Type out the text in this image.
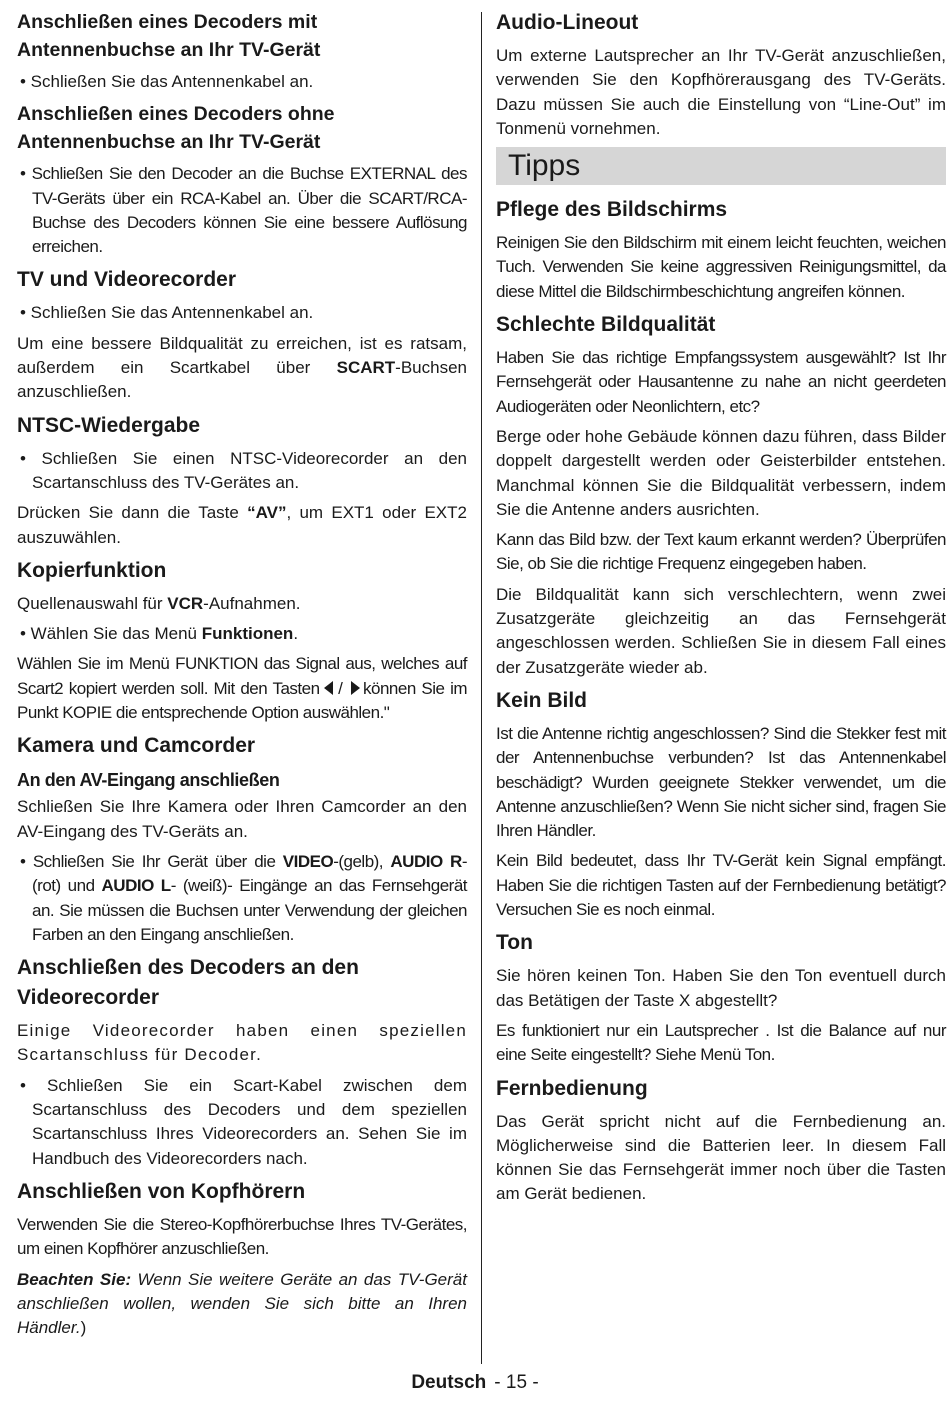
Anschließen eines Decoders mit Antennenbuchse an Ihr TV-Gerät

• Schließen Sie das Antennenkabel an.

Anschließen eines Decoders ohne Antennenbuchse an Ihr TV-Gerät

• Schließen Sie den Decoder an die Buchse EXTERNAL des TV-Geräts über ein RCA-Kabel an. Über die SCART/RCA-Buchse des Decoders können Sie eine bessere Auflösung erreichen.

TV und Videorecorder

• Schließen Sie das Antennenkabel an.

Um eine bessere Bildqualität zu erreichen, ist es ratsam, außerdem ein Scartkabel über SCART-Buchsen anzuschließen.

NTSC-Wiedergabe

• Schließen Sie einen NTSC-Videorecorder an den Scartanschluss des TV-Gerätes an.

Drücken Sie dann die Taste “AV”, um EXT1 oder EXT2 auszuwählen.

Kopierfunktion

Quellenauswahl für VCR-Aufnahmen.

• Wählen Sie das Menü Funktionen.

Wählen Sie im Menü FUNKTION das Signal aus, welches auf Scart2 kopiert werden soll. Mit den Tasten / können Sie im Punkt KOPIE die entsprechende Option auswählen."

Kamera und Camcorder
An den AV-Eingang anschließen

Schließen Sie Ihre Kamera oder Ihren Camcorder an den AV-Eingang des TV-Geräts an.

• Schließen Sie Ihr Gerät über die VIDEO-(gelb), AUDIO R-(rot) und AUDIO L- (weiß)- Eingänge an das Fernsehgerät an. Sie müssen die Buchsen unter Verwendung der gleichen Farben an den Eingang anschließen.

Anschließen des Decoders an den Videorecorder

Einige Videorecorder haben einen speziellen Scartanschluss für Decoder.

• Schließen Sie ein Scart-Kabel zwischen dem Scartanschluss des Decoders und dem speziellen Scartanschluss Ihres Videorecorders an. Sehen Sie im Handbuch des Videorecorders nach.

Anschließen von Kopfhörern

Verwenden Sie die Stereo-Kopfhörerbuchse Ihres TV-Gerätes, um einen Kopfhörer anzuschließen.

Beachten Sie: Wenn Sie weitere Geräte an das TV-Gerät anschließen wollen, wenden Sie sich bitte an Ihren Händler.)

Audio-Lineout

Um externe Lautsprecher an Ihr TV-Gerät anzuschließen, verwenden Sie den Kopfhörerausgang des TV-Geräts. Dazu müssen Sie auch die Einstellung von “Line-Out” im Tonmenü vornehmen.

Tipps
Pflege des Bildschirms

Reinigen Sie den Bildschirm mit einem leicht feuchten, weichen Tuch. Verwenden Sie keine aggressiven Reinigungsmittel, da diese Mittel die Bildschirmbeschichtung angreifen können.

Schlechte Bildqualität

Haben Sie das richtige Empfangssystem ausgewählt? Ist Ihr Fernsehgerät oder Hausantenne zu nahe an nicht geerdeten Audiogeräten oder Neonlichtern, etc?

Berge oder hohe Gebäude können dazu führen, dass Bilder doppelt dargestellt werden oder Geisterbilder entstehen. Manchmal können Sie die Bildqualität verbessern, indem Sie die Antenne anders ausrichten.

Kann das Bild bzw. der Text kaum erkannt werden? Überprüfen Sie, ob Sie die richtige Frequenz eingegeben haben.

Die Bildqualität kann sich verschlechtern, wenn zwei Zusatzgeräte gleichzeitig an das Fernsehgerät angeschlossen werden. Schließen Sie in diesem Fall eines der Zusatzgeräte wieder ab.

Kein Bild

Ist die Antenne richtig angeschlossen? Sind die Stekker fest mit der Antennenbuchse verbunden? Ist das Antennenkabel beschädigt? Wurden geeignete Stekker verwendet, um die Antenne anzuschließen? Wenn Sie nicht sicher sind, fragen Sie Ihren Händler.

Kein Bild bedeutet, dass Ihr TV-Gerät kein Signal empfängt. Haben Sie die richtigen Tasten auf der Fernbedienung betätigt? Versuchen Sie es noch einmal.

Ton

Sie hören keinen Ton. Haben Sie den Ton eventuell durch das Betätigen der Taste X abgestellt?

Es funktioniert nur ein Lautsprecher . Ist die Balance auf nur eine Seite eingestellt? Siehe Menü Ton.

Fernbedienung

Das Gerät spricht nicht auf die Fernbedienung an. Möglicherweise sind die Batterien leer. In diesem Fall können Sie das Fernsehgerät immer noch über die Tasten am Gerät bedienen.

Deutsch - 15 -
